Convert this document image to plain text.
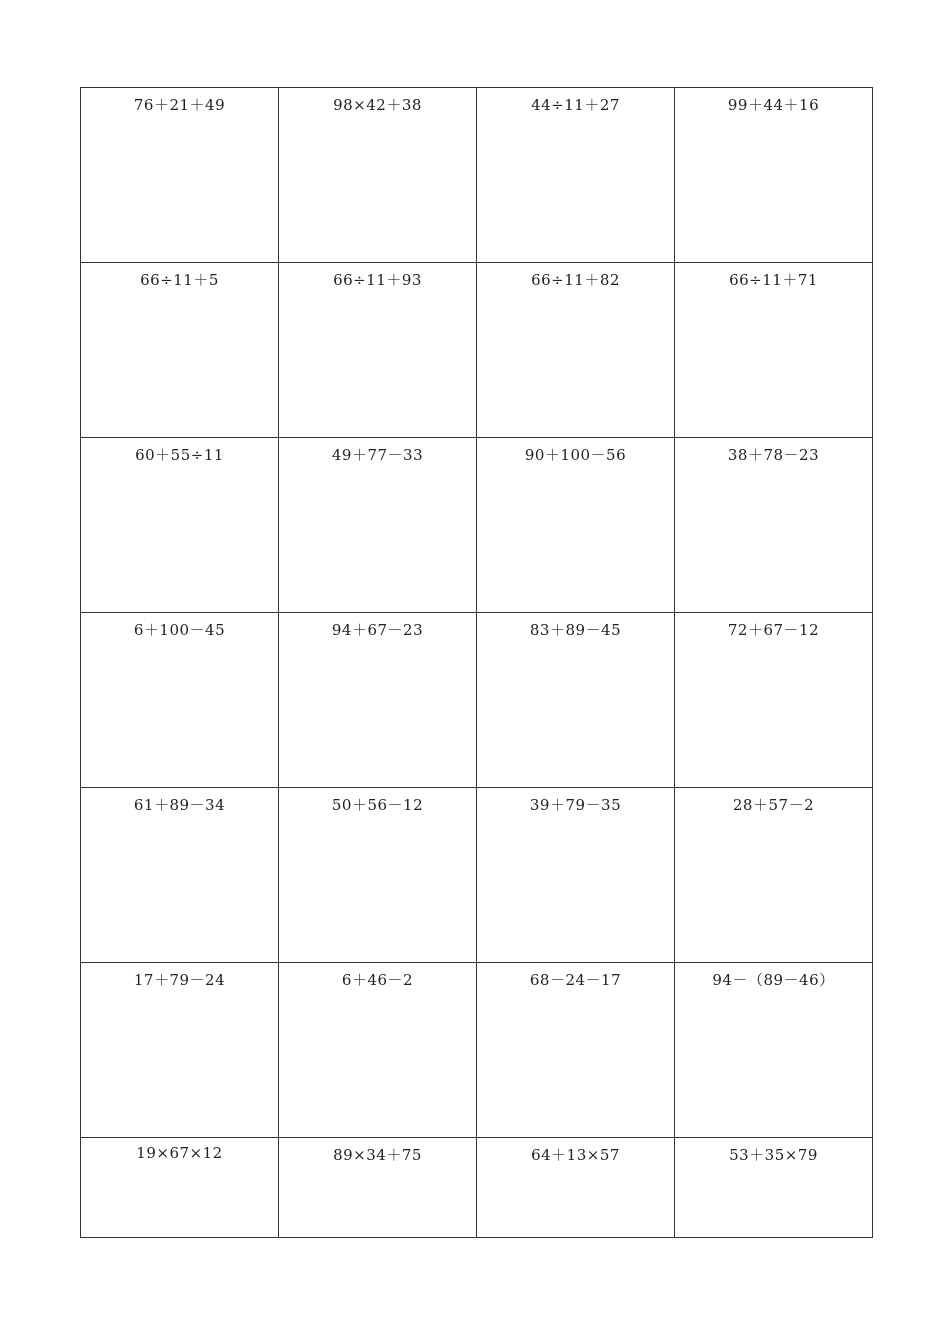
76＋21＋49	98×42＋38	44÷11＋27	99＋44＋16

66÷11＋5	66÷11＋93	66÷11＋82	66÷11＋71

60＋55÷11	49＋77－33	90＋100－56	38＋78－23

6＋100－45	94＋67－23	83＋89－45	72＋67－12

61＋89－34	50＋56－12	39＋79－35	28＋57－2

17＋79－24	6＋46－2	68－24－17	94－（89－46）

19×67×12	89×34＋75	64＋13×57	53＋35×79
